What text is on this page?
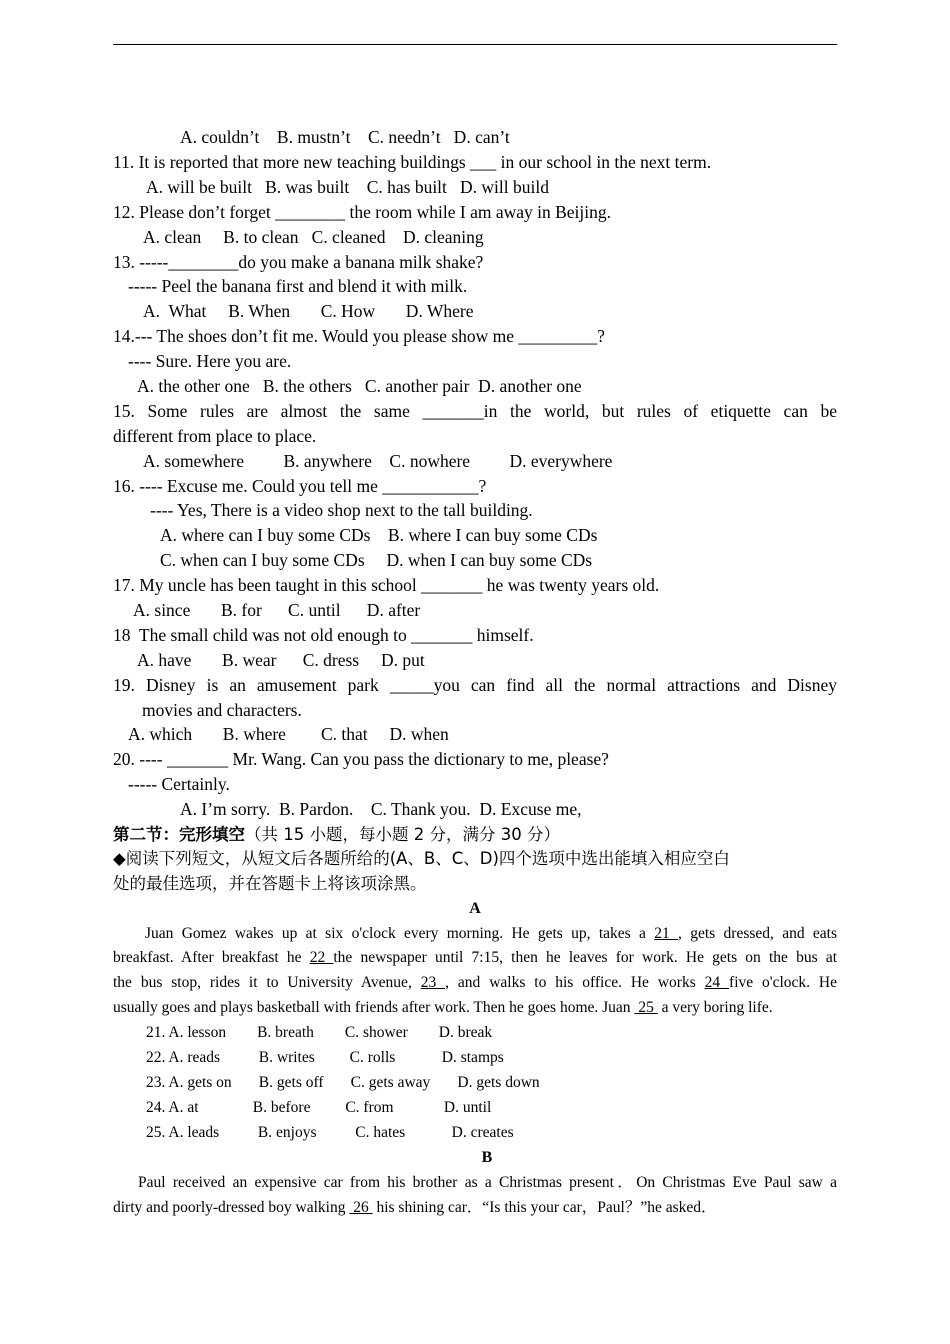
A. couldn’t    B. mustn’t    C. needn’t   D. can’t
11. It is reported that more new teaching buildings ___ in our school in the next term.
A. will be built   B. was built    C. has built   D. will build
12. Please don’t forget ________ the room while I am away in Beijing.
A. clean     B. to clean   C. cleaned    D. cleaning
13. -----________do you make a banana milk shake?
----- Peel the banana first and blend it with milk.
A.  What     B. When       C. How       D. Where
14.--- The shoes don’t fit me. Would you please show me _________?
---- Sure. Here you are.
A. the other one   B. the others   C. another pair  D. another one
15. Some rules are almost the same _______in the world, but rules of etiquette can be
different from place to place.
A. somewhere         B. anywhere    C. nowhere         D. everywhere
16. ---- Excuse me. Could you tell me ___________?
---- Yes, There is a video shop next to the tall building.
A. where can I buy some CDs    B. where I can buy some CDs
C. when can I buy some CDs     D. when I can buy some CDs
17. My uncle has been taught in this school _______ he was twenty years old.
A. since       B. for      C. until      D. after
18  The small child was not old enough to _______ himself.
A. have       B. wear      C. dress     D. put
19. Disney is an amusement park _____you can find all the normal attractions and Disney
movies and characters.
A. which       B. where        C. that     D. when
20. ---- _______ Mr. Wang. Can you pass the dictionary to me, please?
----- Certainly.
A. I’m sorry.  B. Pardon.    C. Thank you.  D. Excuse me,
第二节：完形填空（共 15 小题，每小题 2 分，满分 30 分）
◆阅读下列短文，从短文后各题所给的(A、B、C、D)四个选项中选出能填入相应空白
处的最佳选项，并在答题卡上将该项涂黑。
A
Juan Gomez wakes up at six o'clock every morning. He gets up, takes a 21 , gets dressed, and eats
breakfast. After breakfast he 22 the newspaper until 7:15, then he leaves for work. He gets on the bus at
the bus stop, rides it to University Avenue, 23 , and walks to his office. He works 24 five o'clock. He
usually goes and plays basketball with friends after work. Then he goes home. Juan  25  a very boring life.
21. A. lesson        B. breath        C. shower        D. break
22. A. reads          B. writes         C. rolls            D. stamps
23. A. gets on       B. gets off       C. gets away       D. gets down
24. A. at              B. before         C. from             D. until
25. A. leads          B. enjoys          C. hates            D. creates
B
Paul received an expensive car from his brother as a Christmas present．On Christmas Eve Paul saw a
dirty and poorly-dressed boy walking  26  his shining car．“Is this your car，Paul？”he asked．
